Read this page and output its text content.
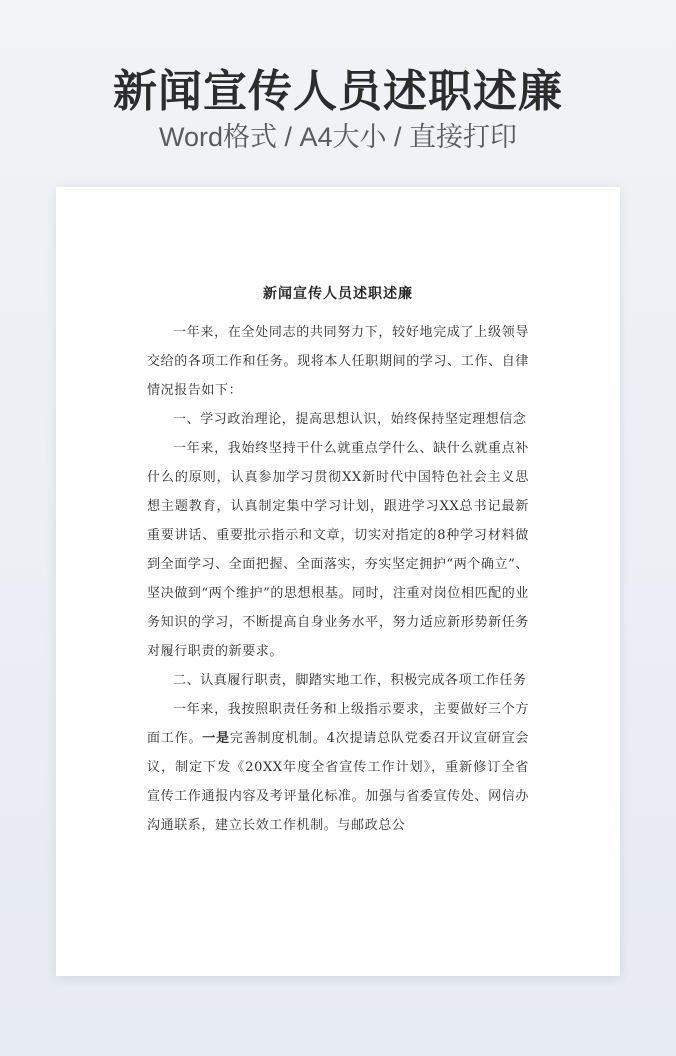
新闻宣传人员述职述廉
Word格式 / A4大小 / 直接打印
新闻宣传人员述职述廉

一年来，在全处同志的共同努力下，较好地完成了上级领导交给的各项工作和任务。现将本人任职期间的学习、工作、自律情况报告如下：

一、学习政治理论，提高思想认识，始终保持坚定理想信念

一年来，我始终坚持干什么就重点学什么、缺什么就重点补什么的原则，认真参加学习贯彻XX新时代中国特色社会主义思想主题教育，认真制定集中学习计划，跟进学习XX总书记最新重要讲话、重要批示指示和文章，切实对指定的8种学习材料做到全面学习、全面把握、全面落实，夯实坚定拥护“两个确立”、坚决做到“两个维护”的思想根基。同时，注重对岗位相匹配的业务知识的学习，不断提高自身业务水平，努力适应新形势新任务对履行职责的新要求。

二、认真履行职责，脚踏实地工作，积极完成各项工作任务

一年来，我按照职责任务和上级指示要求，主要做好三个方面工作。一是完善制度机制。4次提请总队党委召开议宣研宣会议，制定下发《20XX年度全省宣传工作计划》，重新修订全省宣传工作通报内容及考评量化标准。加强与省委宣传处、网信办沟通联系，建立长效工作机制。与邮政总公
